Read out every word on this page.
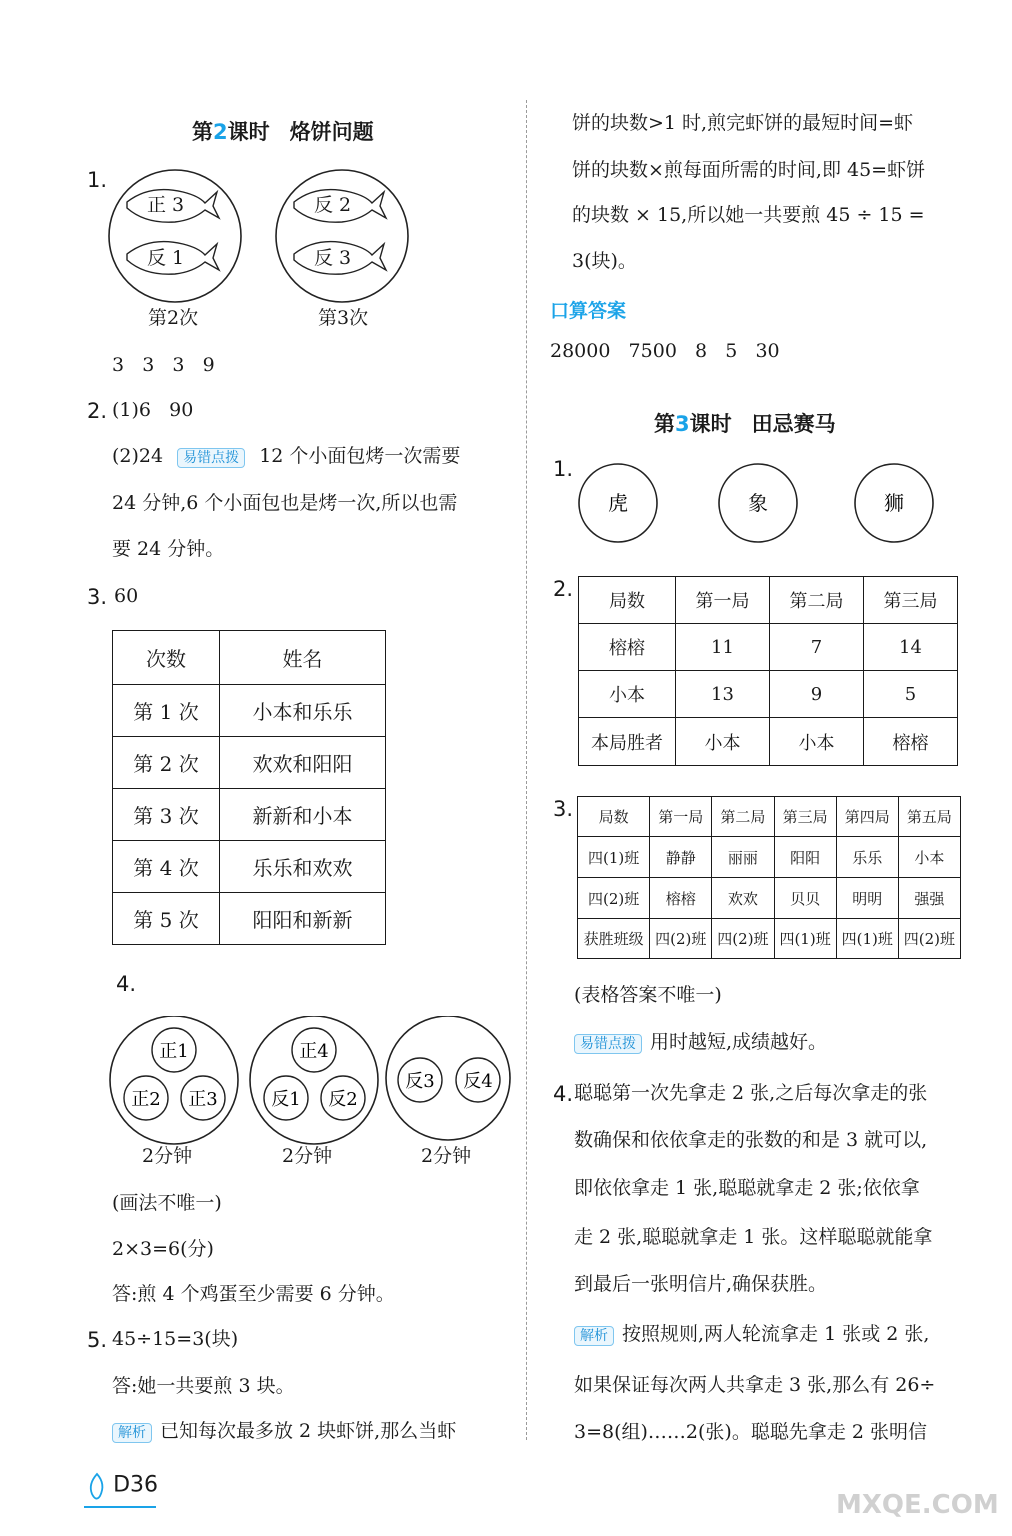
第2课时 烙饼问题
1.
正 3
反 1
反 2
反 3
第2次	第3次
3   3   3   9
2. (1)6   90
(2)24 易错点拨 12 个小面包烤一次需要
24 分钟,6 个小面包也是烤一次,所以也需
要 24 分钟。
3. 60
次数	姓名
第 1 次	小本和乐乐
第 2 次	欢欢和阳阳
第 3 次	新新和小本
第 4 次	乐乐和欢欢
第 5 次	阳阳和新新
4.
正1
正2 正3
正4
反1 反2
反3 反4
2分钟	2分钟	2分钟
(画法不唯一)
2×3=6(分)
答:煎 4 个鸡蛋至少需要 6 分钟。
5. 45÷15=3(块)
答:她一共要煎 3 块。
解析 已知每次最多放 2 块虾饼,那么当虾
D36
饼的块数>1 时,煎完虾饼的最短时间=虾
饼的块数×煎每面所需的时间,即 45=虾饼
的块数 × 15,所以她一共要煎 45 ÷ 15 =
3(块)。
口算答案
28000   7500   8   5   30
第3课时 田忌赛马
1.
虎	象	狮
2.
局数	第一局	第二局	第三局
榕榕	11	7	14
小本	13	9	5
本局胜者	小本	小本	榕榕
3. 局数	第一局	第二局	第三局	第四局	第五局
四(1)班	静静	丽丽	阳阳	乐乐	小本
四(2)班	榕榕	欢欢	贝贝	明明	强强
获胜班级	四(2)班	四(2)班	四(1)班	四(1)班	四(2)班
(表格答案不唯一)
易错点拨 用时越短,成绩越好。
4. 聪聪第一次先拿走 2 张,之后每次拿走的张
数确保和依依拿走的张数的和是 3 就可以,
即依依拿走 1 张,聪聪就拿走 2 张;依依拿
走 2 张,聪聪就拿走 1 张。这样聪聪就能拿
到最后一张明信片,确保获胜。
解析 按照规则,两人轮流拿走 1 张或 2 张,
如果保证每次两人共拿走 3 张,那么有 26÷
3=8(组)……2(张)。聪聪先拿走 2 张明信
MXQE.COM
